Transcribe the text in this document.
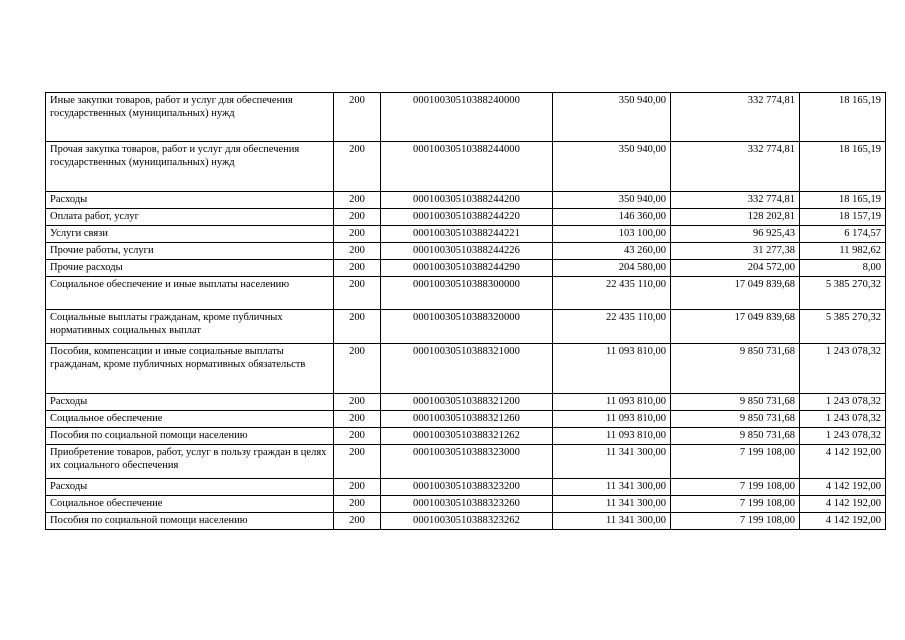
Иные закупки товаров, работ и услуг для обеспечения государственных (муниципальных) нужд	200	00010030510388240000	350 940,00	332 774,81	18 165,19
Прочая закупка товаров, работ и услуг для обеспечения государственных (муниципальных) нужд	200	00010030510388244000	350 940,00	332 774,81	18 165,19
Расходы	200	00010030510388244200	350 940,00	332 774,81	18 165,19
Оплата работ, услуг	200	00010030510388244220	146 360,00	128 202,81	18 157,19
Услуги связи	200	00010030510388244221	103 100,00	96 925,43	6 174,57
Прочие работы, услуги	200	00010030510388244226	43 260,00	31 277,38	11 982,62
Прочие расходы	200	00010030510388244290	204 580,00	204 572,00	8,00
Социальное обеспечение и иные выплаты населению	200	00010030510388300000	22 435 110,00	17 049 839,68	5 385 270,32
Социальные выплаты гражданам, кроме публичных нормативных социальных выплат	200	00010030510388320000	22 435 110,00	17 049 839,68	5 385 270,32
Пособия, компенсации и иные социальные выплаты гражданам, кроме публичных нормативных обязательств	200	00010030510388321000	11 093 810,00	9 850 731,68	1 243 078,32
Расходы	200	00010030510388321200	11 093 810,00	9 850 731,68	1 243 078,32
Социальное обеспечение	200	00010030510388321260	11 093 810,00	9 850 731,68	1 243 078,32
Пособия по социальной помощи населению	200	00010030510388321262	11 093 810,00	9 850 731,68	1 243 078,32
Приобретение товаров, работ, услуг в пользу граждан в целях их социального обеспечения	200	00010030510388323000	11 341 300,00	7 199 108,00	4 142 192,00
Расходы	200	00010030510388323200	11 341 300,00	7 199 108,00	4 142 192,00
Социальное обеспечение	200	00010030510388323260	11 341 300,00	7 199 108,00	4 142 192,00
Пособия по социальной помощи населению	200	00010030510388323262	11 341 300,00	7 199 108,00	4 142 192,00
